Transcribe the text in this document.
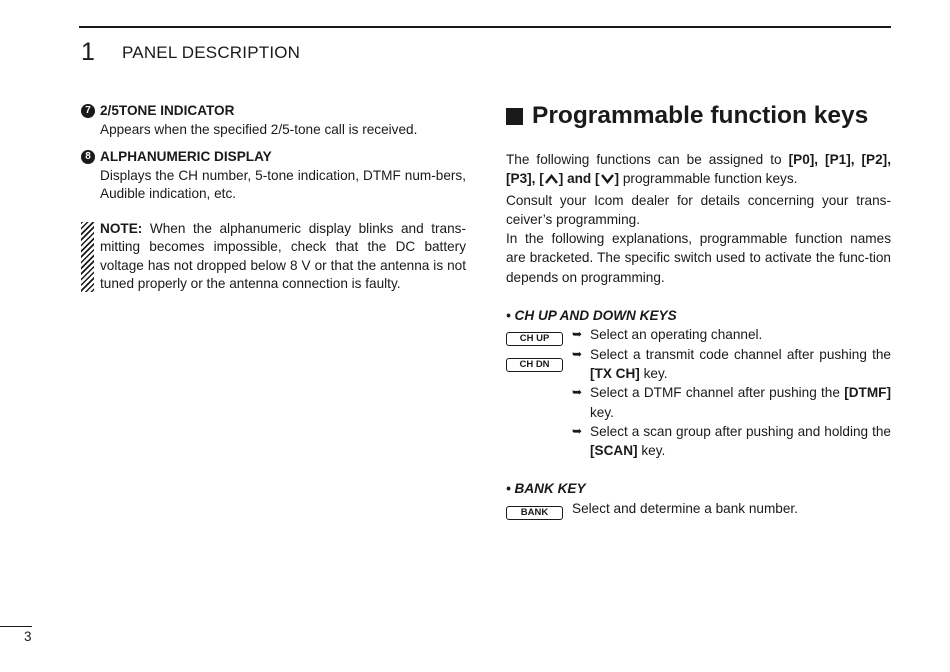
1 PANEL DESCRIPTION
7 2/5TONE INDICATOR
Appears when the specified 2/5-tone call is received.
8 ALPHANUMERIC DISPLAY
Displays the CH number, 5-tone indication, DTMF num-bers, Audible indication, etc.
NOTE: When the alphanumeric display blinks and trans-mitting becomes impossible, check that the DC battery voltage has not dropped below 8 V or that the antenna is not tuned properly or the antenna connection is faulty.
Programmable function keys
The following functions can be assigned to [P0], [P1], [P2], [P3], [ ] and [ ] programmable function keys.
Consult your Icom dealer for details concerning your trans-ceiver’s programming.
In the following explanations, programmable function names are bracketed. The specific switch used to activate the func-tion depends on programming.
• CH UP AND DOWN KEYS
CH UP
CH DN
➥ Select an operating channel.
➥ Select a transmit code channel after pushing the [TX CH] key.
➥ Select a DTMF channel after pushing the [DTMF] key.
➥ Select a scan group after pushing and holding the [SCAN] key.
• BANK KEY
BANK	Select and determine a bank number.
3
